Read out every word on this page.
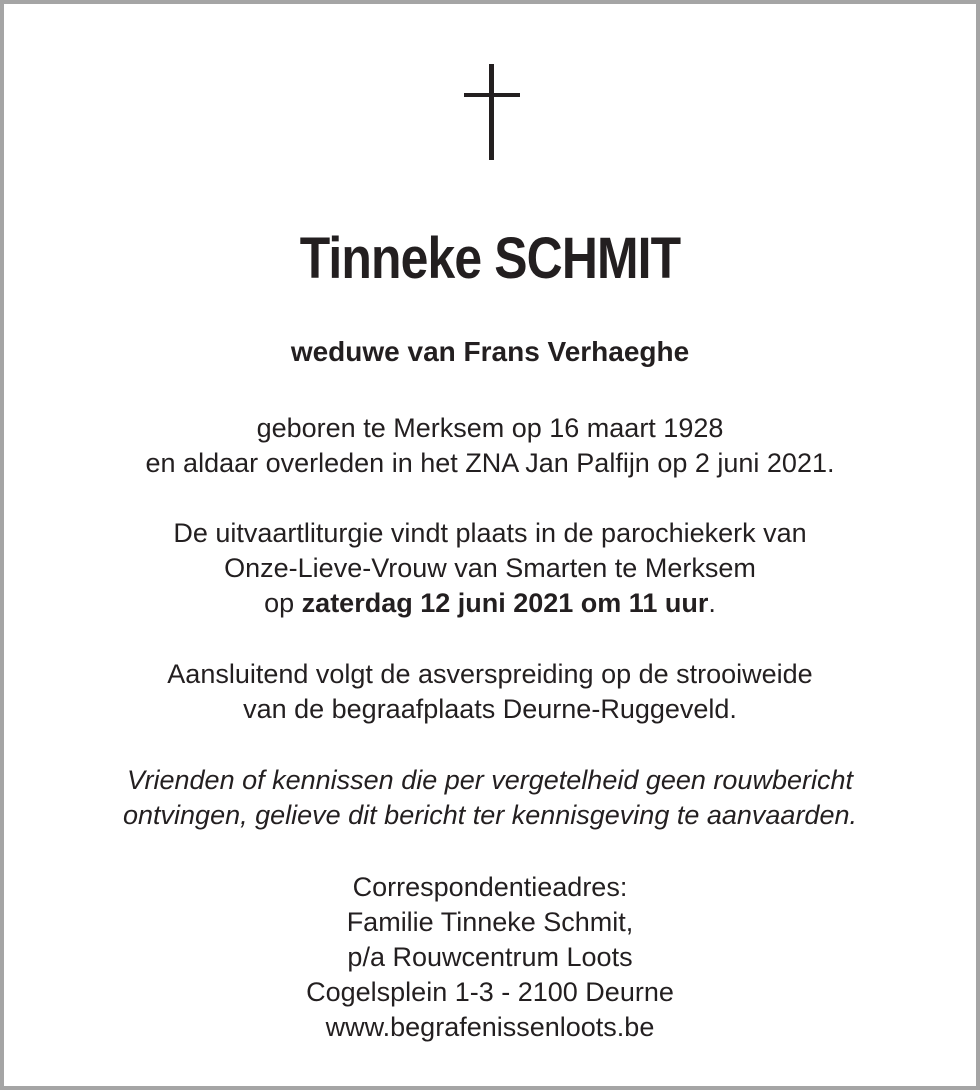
Tinneke SCHMIT
weduwe van Frans Verhaeghe
geboren te Merksem op 16 maart 1928
en aldaar overleden in het ZNA Jan Palfijn op 2 juni 2021.
De uitvaartliturgie vindt plaats in de parochiekerk van
Onze-Lieve-Vrouw van Smarten te Merksem
op zaterdag 12 juni 2021 om 11 uur.
Aansluitend volgt de asverspreiding op de strooiweide
van de begraafplaats Deurne-Ruggeveld.
Vrienden of kennissen die per vergetelheid geen rouwbericht
ontvingen, gelieve dit bericht ter kennisgeving te aanvaarden.
Correspondentieadres:
Familie Tinneke Schmit,
p/a Rouwcentrum Loots
Cogelsplein 1-3 - 2100 Deurne
www.begrafenissenloots.be
